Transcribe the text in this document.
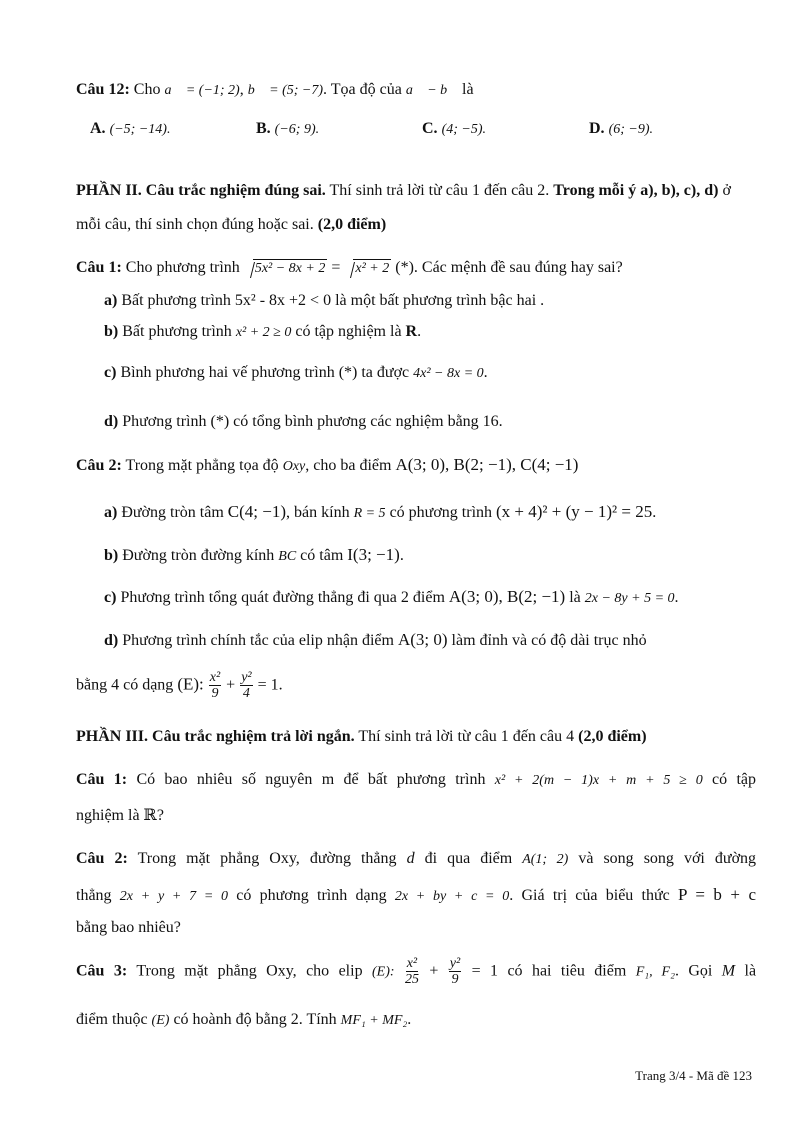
Câu 12: Cho a⃗ = (−1; 2), b⃗ = (5; −7). Tọa độ của a⃗ − b⃗ là
A. (−5; −14).	B. (−6; 9).	C. (4; −5).	D. (6; −9).
PHẦN II. Câu trắc nghiệm đúng sai. Thí sinh trả lời từ câu 1 đến câu 2. Trong mỗi ý a), b), c), d) ở mỗi câu, thí sinh chọn đúng hoặc sai. (2,0 điểm)
Câu 1: Cho phương trình 5x² − 8x + 2 = x² + 2 (*). Các mệnh đề sau đúng hay sai?
a) Bất phương trình 5x² - 8x +2 < 0 là một bất phương trình bậc hai .
b) Bất phương trình x² + 2 ≥ 0 có tập nghiệm là R.
c) Bình phương hai vế phương trình (*) ta được 4x² − 8x = 0.
d) Phương trình (*) có tổng bình phương các nghiệm bằng 16.
Câu 2: Trong mặt phẳng tọa độ Oxy, cho ba điểm A(3; 0), B(2; −1), C(4; −1)
a) Đường tròn tâm C(4; −1), bán kính R = 5 có phương trình (x + 4)² + (y − 1)² = 25.
b) Đường tròn đường kính BC có tâm I(3; −1).
c) Phương trình tổng quát đường thẳng đi qua 2 điểm A(3; 0), B(2; −1) là 2x − 8y + 5 = 0.
d) Phương trình chính tắc của elip nhận điểm A(3; 0) làm đỉnh và có độ dài trục nhỏ
bằng 4 có dạng (E): $\frac{\text{x²}}{9} + \frac{\text{y²}}{4} = 1$.
PHẦN III. Câu trắc nghiệm trả lời ngắn. Thí sinh trả lời từ câu 1 đến câu 4 (2,0 điểm)
Câu 1: Có bao nhiêu số nguyên m để bất phương trình x² + 2(m − 1)x + m + 5 ≥ 0 có tập
nghiệm là ℝ?
Câu 2: Trong mặt phẳng Oxy, đường thẳng d đi qua điểm A(1; 2) và song song với đường
thẳng 2x + y + 7 = 0 có phương trình dạng 2x + by + c = 0. Giá trị của biểu thức P = b + c
bằng bao nhiêu?
Câu 3: Trong mặt phẳng Oxy, cho elip (E): $\frac{\text{x²}}{25} + \frac{\text{y²}}{9} = 1$ có hai tiêu điểm F₁, F₂. Gọi M là
điểm thuộc (E) có hoành độ bằng 2. Tính MF₁ + MF₂.
Trang 3/4 - Mã đề 123
